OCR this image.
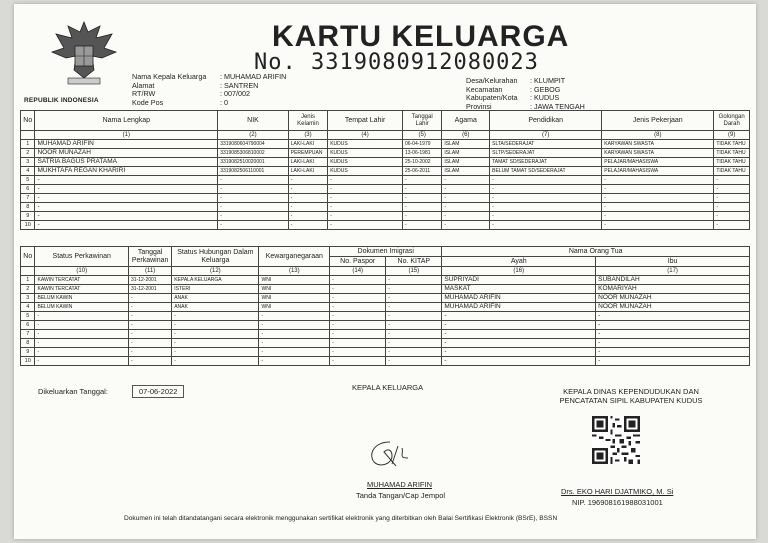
REPUBLIK INDONESIA
KARTU KELUARGA
No. 3319080912080023
Nama Kepala Keluarga	: MUHAMAD ARIFIN
Alamat	: SANTREN
RT/RW	: 007/002
Kode Pos	: 0
Desa/Kelurahan	: KLUMPIT
Kecamatan	: GEBOG
Kabupaten/Kota	: KUDUS
Provinsi	: JAWA TENGAH
No	Nama Lengkap	NIK	Jenis Kelamin	Tempat Lahir	Tanggal Lahir	Agama	Pendidikan	Jenis Pekerjaan	Golongan Darah
	(1)	(2)	(3)	(4)	(5)	(6)	(7)	(8)	(9)
1	MUHAMAD ARIFIN	3319080604790004	LAKI-LAKI	KUDUS	06-04-1979	ISLAM	SLTA/SEDERAJAT	KARYAWAN SWASTA	TIDAK TAHU
2	NOOR MUNAZAH	3319085306810002	PEREMPUAN	KUDUS	13-06-1981	ISLAM	SLTP/SEDERAJAT	KARYAWAN SWASTA	TIDAK TAHU
3	SATRIA BAGUS PRATAMA	3319082510020001	LAKI-LAKI	KUDUS	25-10-2002	ISLAM	TAMAT SD/SEDERAJAT	PELAJAR/MAHASISWA	TIDAK TAHU
4	MUKHTAFA REGAN KHARIRI	3319082506110001	LAKI-LAKI	KUDUS	25-06-2011	ISLAM	BELUM TAMAT SD/SEDERAJAT	PELAJAR/MAHASISWA	TIDAK TAHU
5	-	-	-	-	-	-	-	-	-
6	-	-	-	-	-	-	-	-	-
7	-	-	-	-	-	-	-	-	-
8	-	-	-	-	-	-	-	-	-
9	-	-	-	-	-	-	-	-	-
10	-	-	-	-	-	-	-	-	-
No	Status Perkawinan	Tanggal Perkawinan	Status Hubungan Dalam Keluarga	Kewarganegaraan	Dokumen Imigrasi		Nama Orang Tua	
					No. Paspor	No. KITAP	Ayah	Ibu
	(10)	(11)	(12)	(13)	(14)	(15)	(16)	(17)
1	KAWIN TERCATAT	31-12-2001	KEPALA KELUARGA	WNI	-	-	SUPRIYADI	SUBANDILAH
2	KAWIN TERCATAT	31-12-2001	ISTERI	WNI	-	-	MASKAT	KOMARIYAH
3	BELUM KAWIN	-	ANAK	WNI	-	-	MUHAMAD ARIFIN	NOOR MUNAZAH
4	BELUM KAWIN	-	ANAK	WNI	-	-	MUHAMAD ARIFIN	NOOR MUNAZAH
5	-	-	-	-	-	-	-	-
6	-	-	-	-	-	-	-	-
7	-	-	-	-	-	-	-	-
8	-	-	-	-	-	-	-	-
9	-	-	-	-	-	-	-	-
10	-	-	-	-	-	-	-	-
Dikeluarkan Tanggal:	07-06-2022	KEPALA KELUARGA
MUHAMAD ARIFIN
Tanda Tangan/Cap Jempol
KEPALA DINAS KEPENDUDUKAN DAN
PENCATATAN SIPIL KABUPATEN KUDUS
Drs. EKO HARI DJATMIKO, M. Si
NIP. 196908161988031001
Dokumen ini telah ditandatangani secara elektronik menggunakan sertifikat elektronik yang diterbitkan oleh Balai Sertifikasi Elektronik (BSrE), BSSN
